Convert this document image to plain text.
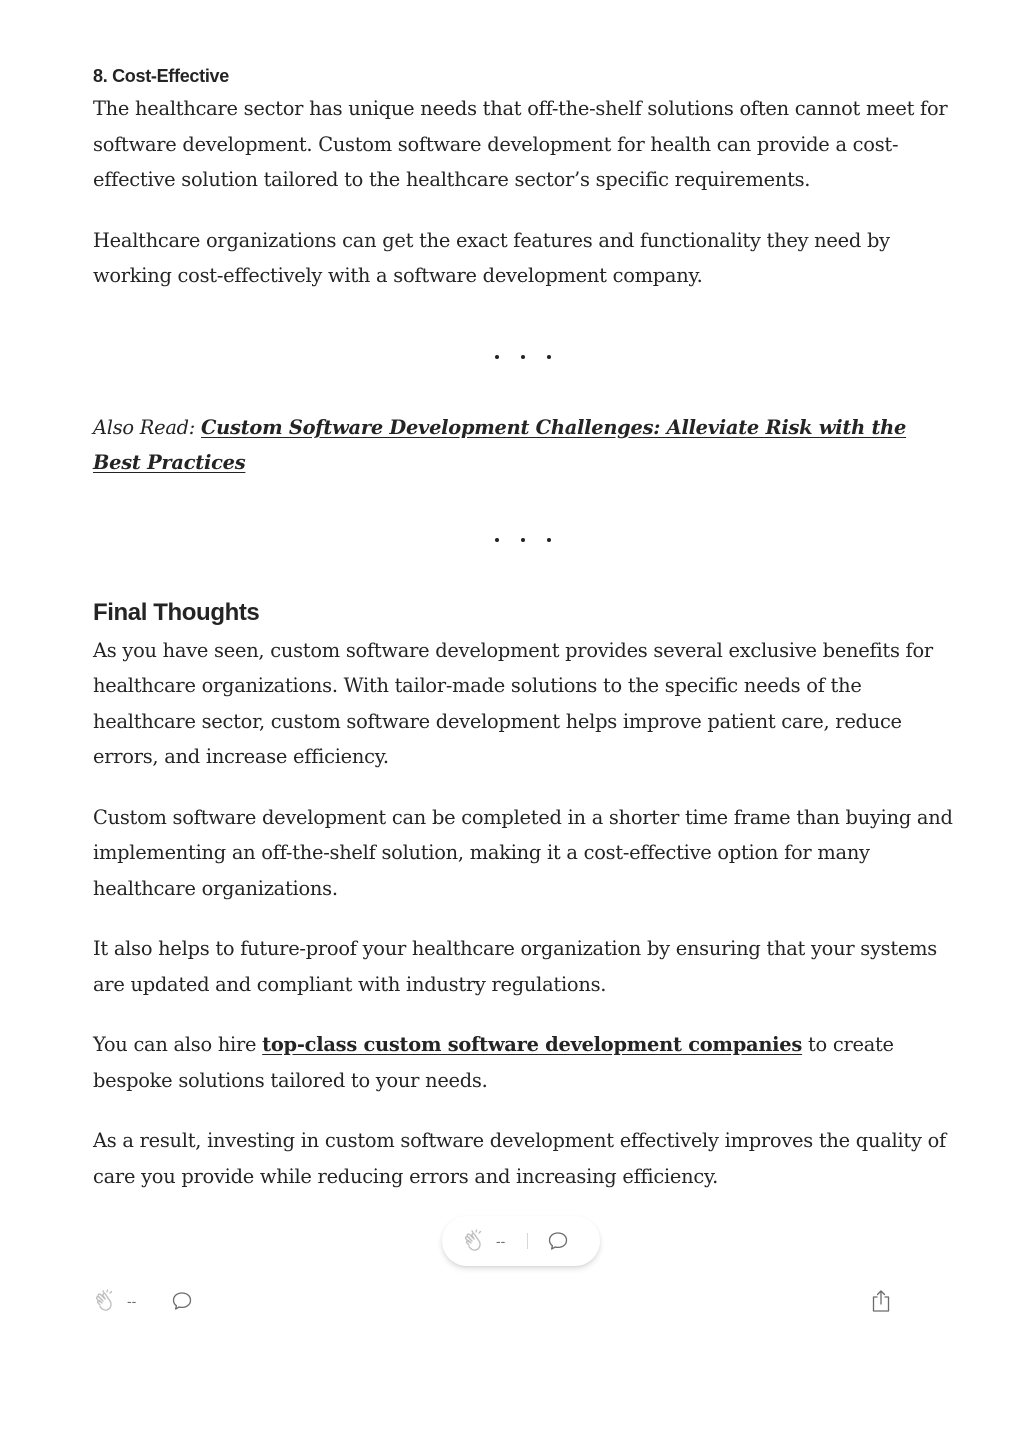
8. Cost-Effective

The healthcare sector has unique needs that off-the-shelf solutions often cannot meet for software development. Custom software development for health can provide a cost-effective solution tailored to the healthcare sector’s specific requirements.

Healthcare organizations can get the exact features and functionality they need by working cost-effectively with a software development company.

Also Read: Custom Software Development Challenges: Alleviate Risk with the Best Practices

Final Thoughts

As you have seen, custom software development provides several exclusive benefits for healthcare organizations. With tailor-made solutions to the specific needs of the healthcare sector, custom software development helps improve patient care, reduce errors, and increase efficiency.

Custom software development can be completed in a shorter time frame than buying and implementing an off-the-shelf solution, making it a cost-effective option for many healthcare organizations.

It also helps to future-proof your healthcare organization by ensuring that your systems are updated and compliant with industry regulations.

You can also hire top-class custom software development companies to create bespoke solutions tailored to your needs.

As a result, investing in custom software development effectively improves the quality of care you provide while reducing errors and increasing efficiency.

--
--
